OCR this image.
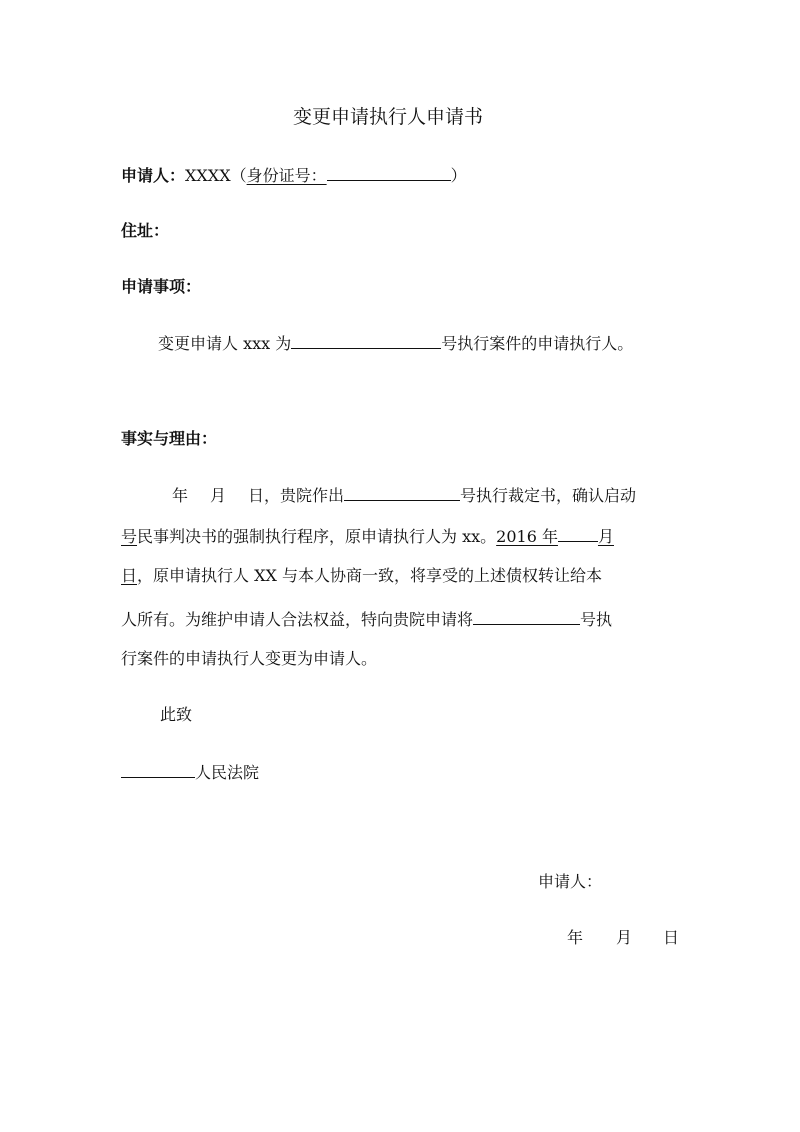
变更申请执行人申请书
申请人：XXXX（身份证号：	）
住址：
申请事项：
变更申请人 xxx 为	号执行案件的申请执行人。
事实与理由：
年 月 日，贵院作出	号执行裁定书，确认启动
号民事判决书的强制执行程序，原申请执行人为 xx。2016 年	月
日，原申请执行人 XX 与本人协商一致，将享受的上述债权转让给本
人所有。为维护申请人合法权益，特向贵院申请将	号执
行案件的申请执行人变更为申请人。
此致
人民法院
申请人：
年 月 日
